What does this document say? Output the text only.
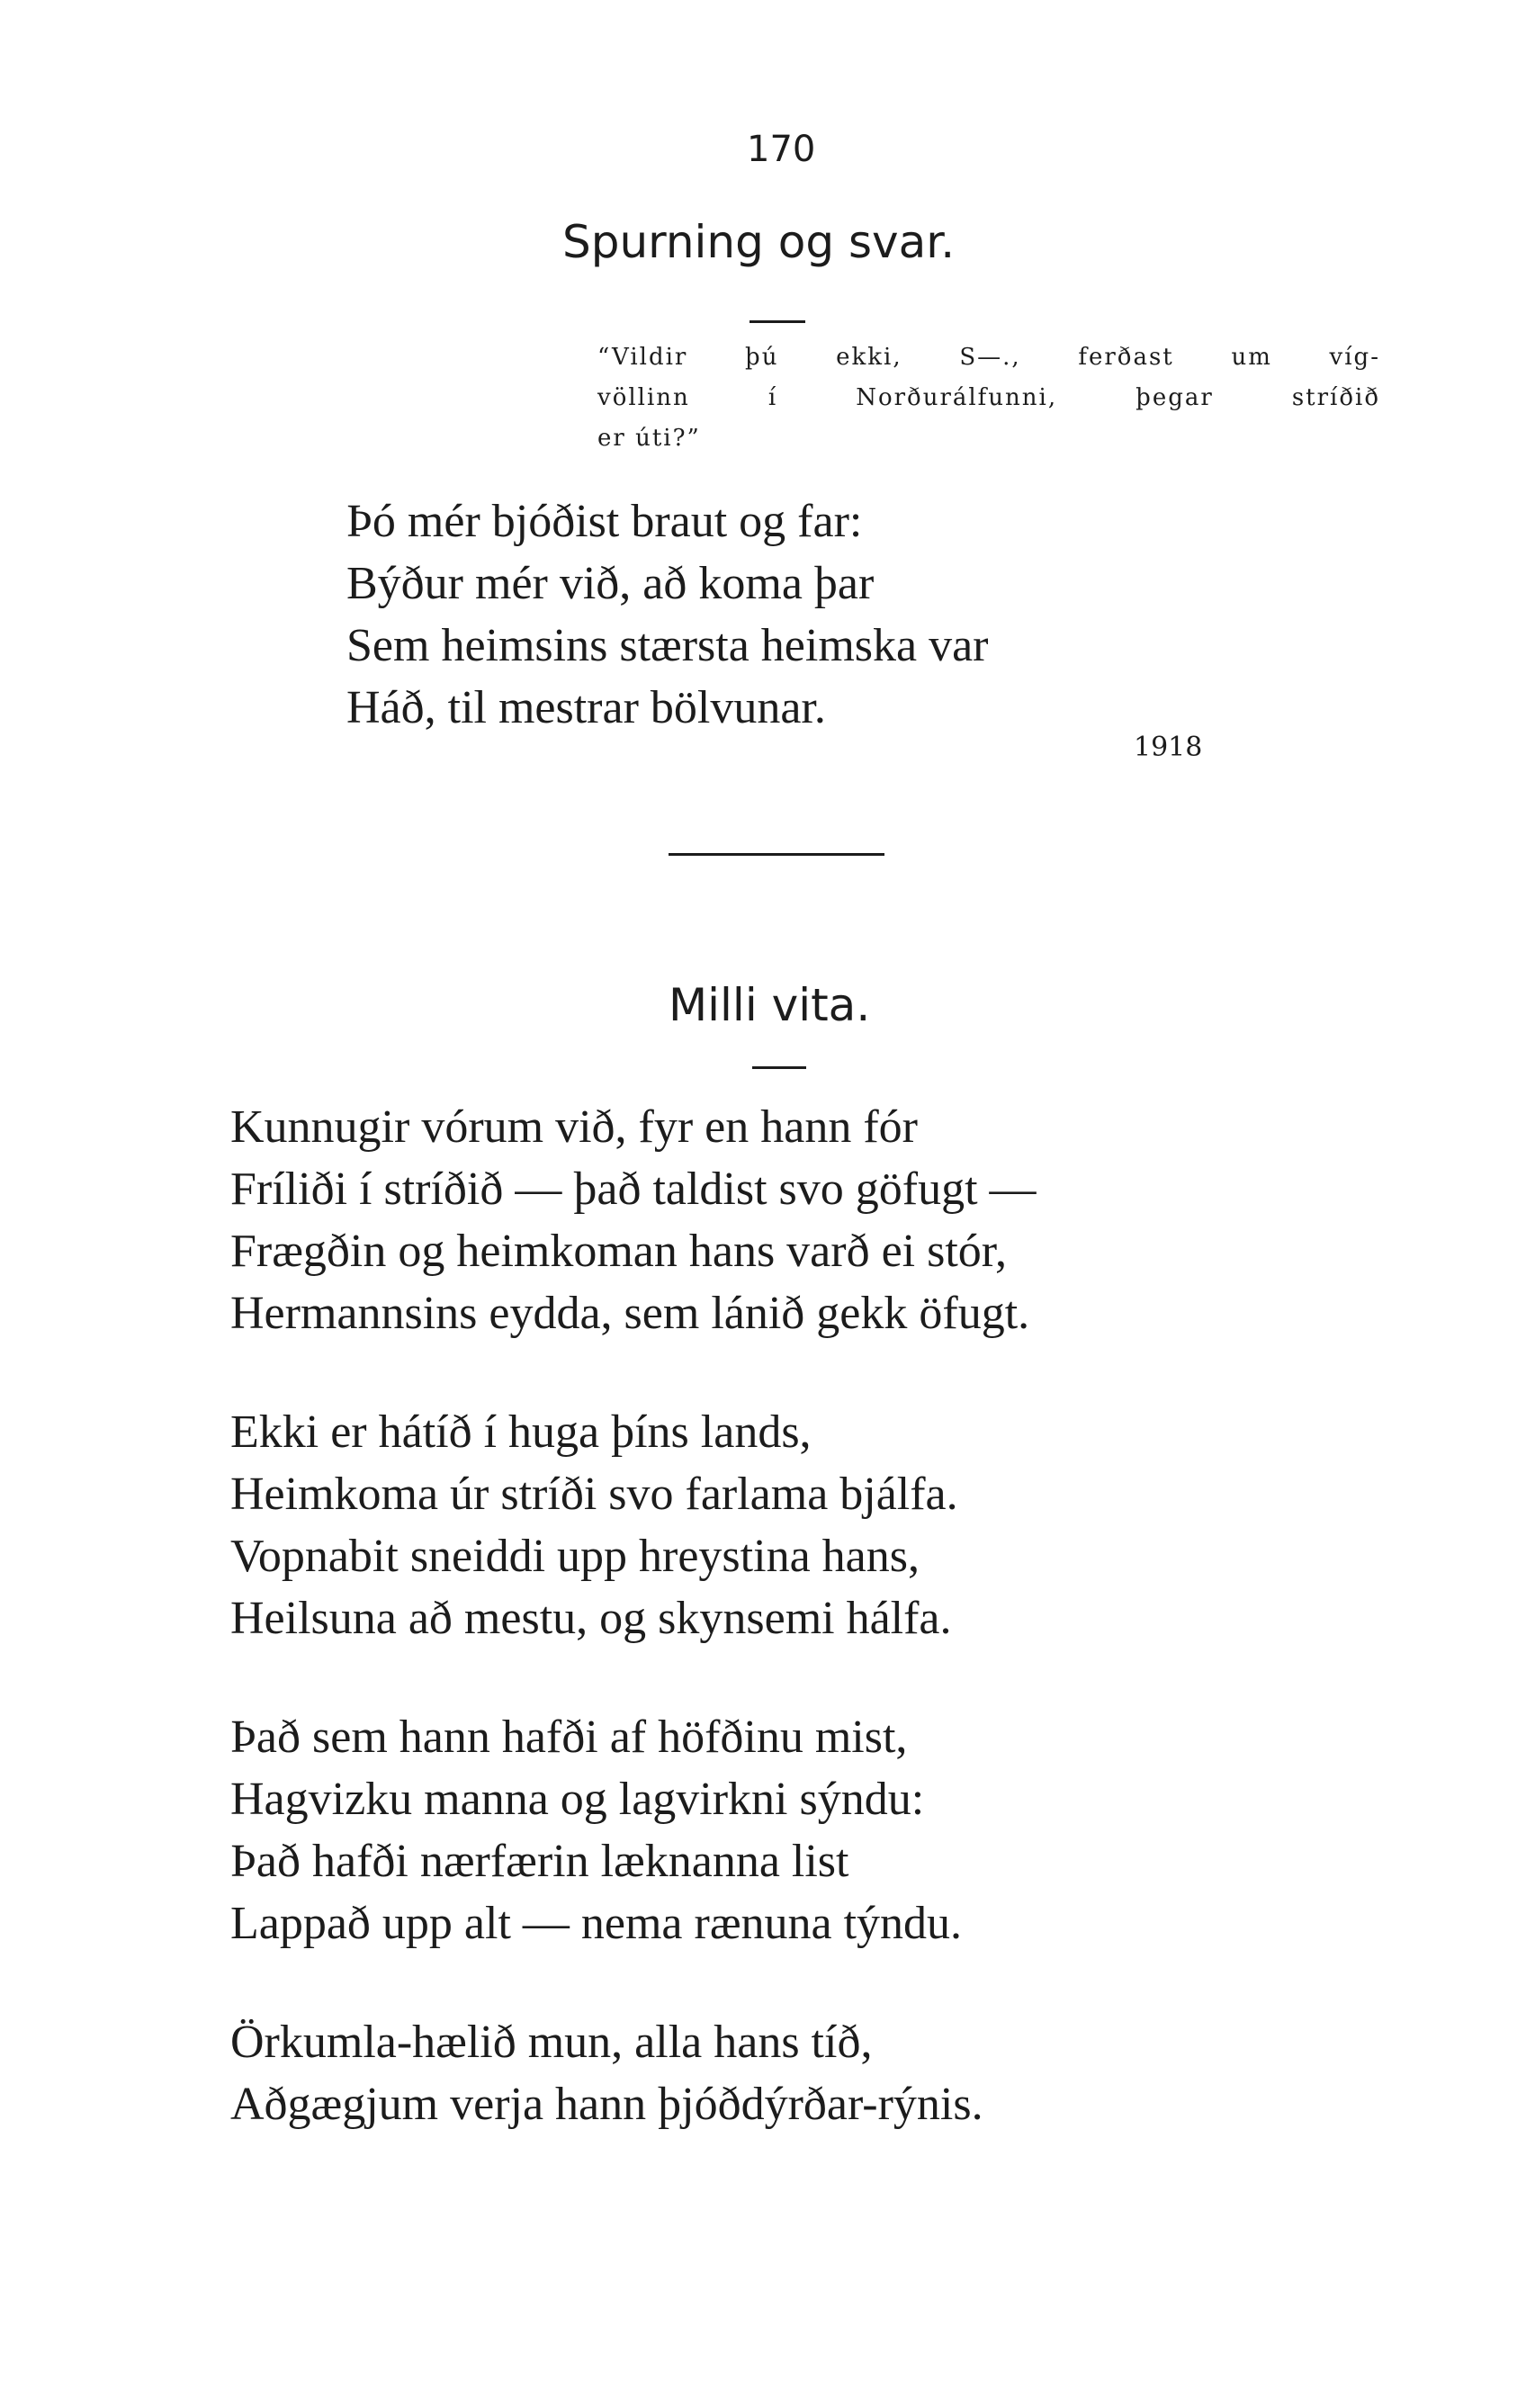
170
Spurning og svar.
“Vildir þú ekki, S—., ferðast um víg-
völlinn í Norðurálfunni, þegar stríðið
er úti?”
Þó mér bjóðist braut og far:
Býður mér við, að koma þar
Sem heimsins stærsta heimska var
Háð, til mestrar bölvunar.
1918
Milli vita.
Kunnugir vórum við, fyr en hann fór
Fríliði í stríðið — það taldist svo göfugt —
Frægðin og heimkoman hans varð ei stór,
Hermannsins eydda, sem lánið gekk öfugt.
Ekki er hátíð í huga þíns lands,
Heimkoma úr stríði svo farlama bjálfa.
Vopnabit sneiddi upp hreystina hans,
Heilsuna að mestu, og skynsemi hálfa.
Það sem hann hafði af höfðinu mist,
Hagvizku manna og lagvirkni sýndu:
Það hafði nærfærin læknanna list
Lappað upp alt — nema rænuna týndu.
Örkumla-hælið mun, alla hans tíð,
Aðgægjum verja hann þjóðdýrðar-rýnis.
